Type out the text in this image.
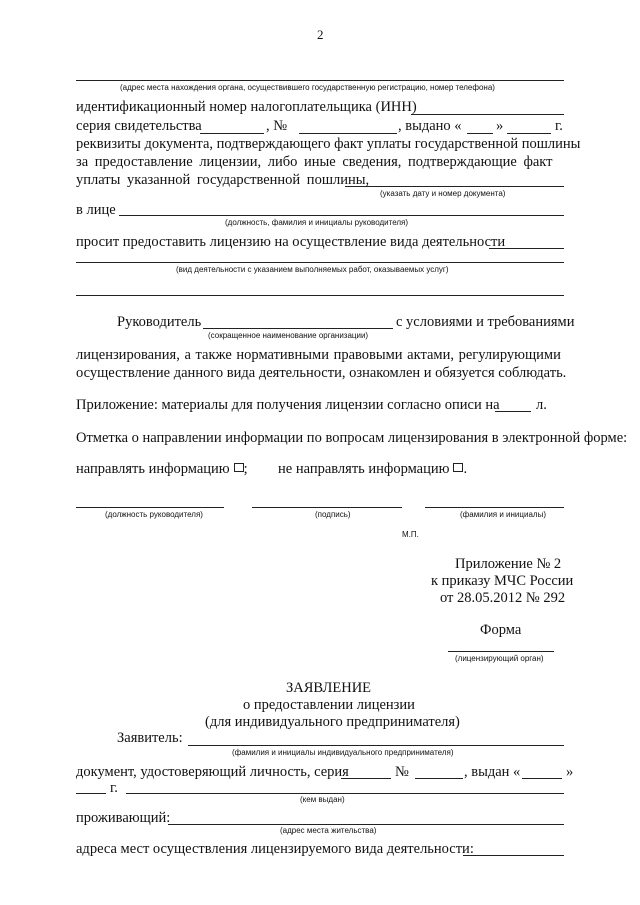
2
(адрес места нахождения органа, осуществившего государственную регистрацию, номер телефона)
идентификационный номер налогоплательщика (ИНН)
серия свидетельства	, №	, выдано « »	г.
реквизиты документа, подтверждающего факт уплаты государственной пошлины
за предоставление лицензии, либо иные сведения, подтверждающие факт
уплаты указанной государственной пошлины,
(указать дату и номер документа)
в лице
(должность, фамилия и инициалы руководителя)
просит предоставить лицензию на осуществление вида деятельности
(вид деятельности с указанием выполняемых работ, оказываемых услуг)
Руководитель
(сокращенное наименование организации)
с условиями и требованиями
лицензирования, а также нормативными правовыми актами, регулирующими
осуществление данного вида деятельности, ознакомлен и обязуется соблюдать.
Приложение: материалы для получения лицензии согласно описи на	л.
Отметка о направлении информации по вопросам лицензирования в электронной форме:
направлять информацию ; не направлять информацию .
(должность руководителя)	(подпись)	(фамилия и инициалы)
М.П.
Приложение № 2
к приказу МЧС России
от 28.05.2012 № 292
Форма
(лицензирующий орган)
ЗАЯВЛЕНИЕ
о предоставлении лицензии
(для индивидуального предпринимателя)
Заявитель:
(фамилия и инициалы индивидуального предпринимателя)
документ, удостоверяющий личность, серия	№	, выдан «	»
г.
(кем выдан)
проживающий:
(адрес места жительства)
адреса мест осуществления лицензируемого вида деятельности:
